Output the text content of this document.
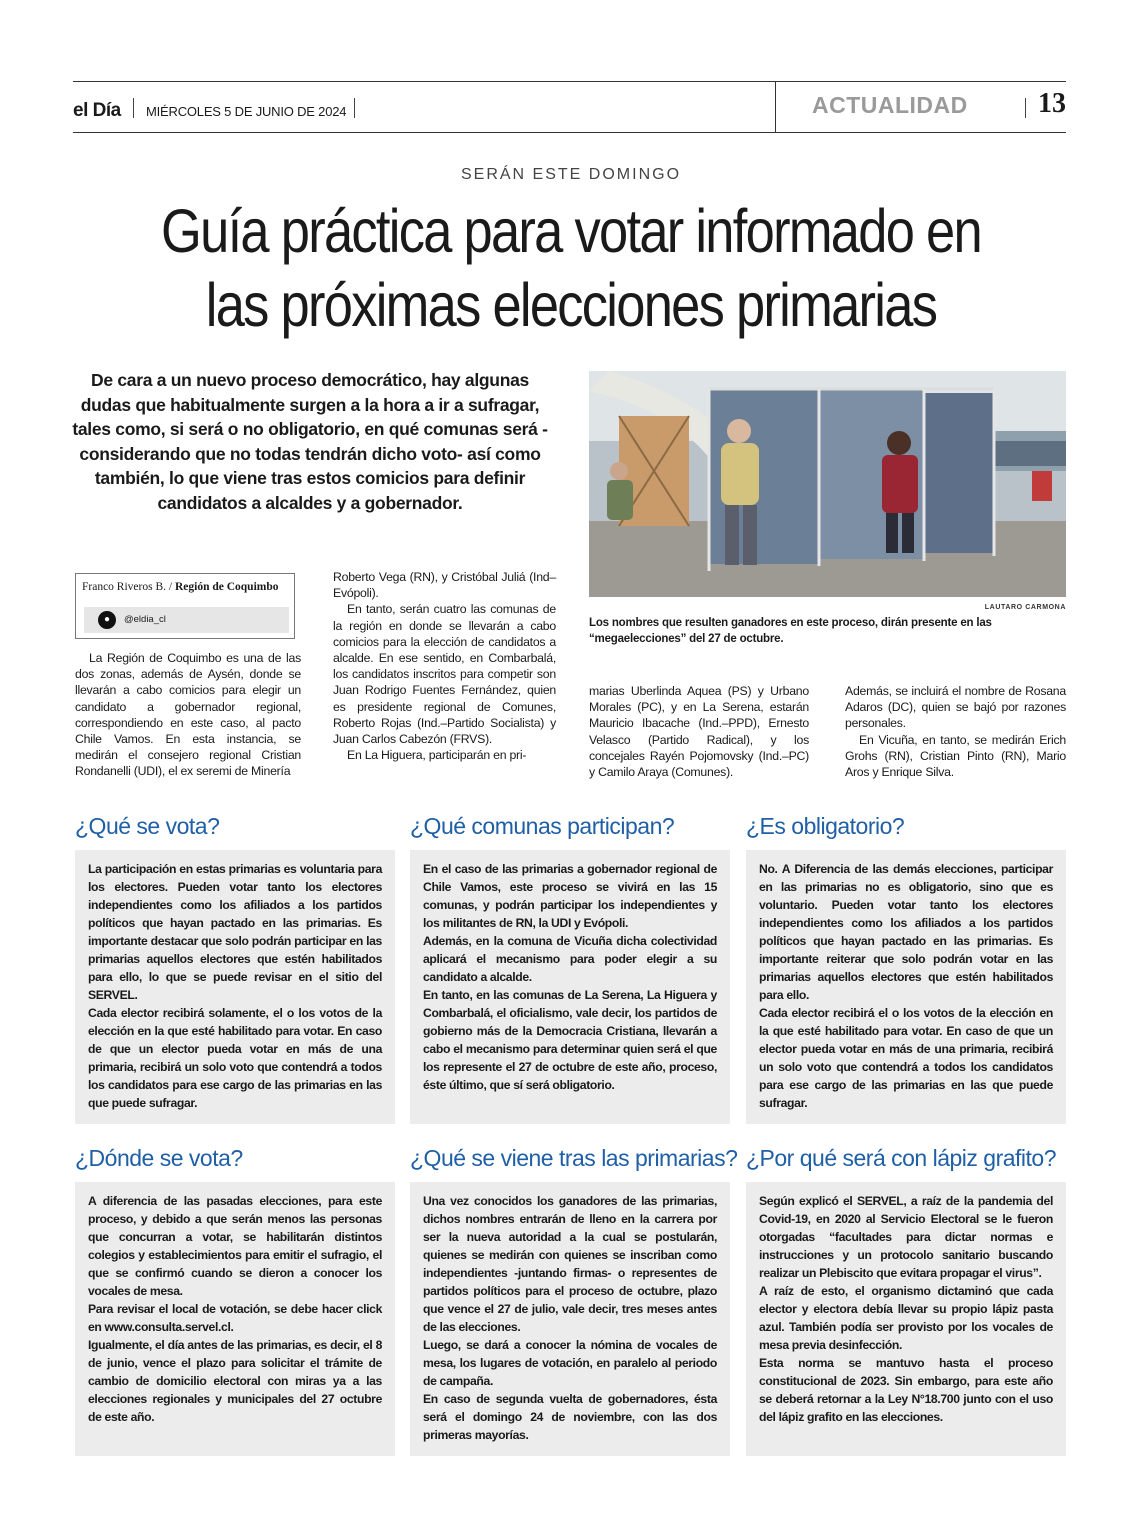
el Día MIÉRCOLES 5 DE JUNIO DE 2024	ACTUALIDAD	13
SERÁN ESTE DOMINGO
Guía práctica para votar informado en
las próximas elecciones primarias
De cara a un nuevo proceso democrático, hay algunas dudas que habitualmente surgen a la hora a ir a sufragar, tales como, si será o no obligatorio, en qué comunas será - considerando que no todas tendrán dicho voto- así como también, lo que viene tras estos comicios para definir candidatos a alcaldes y a gobernador.
LAUTARO CARMONA
Los nombres que resulten ganadores en este proceso, dirán presente en las “megaelecciones” del 27 de octubre.
Franco Riveros B. / Región de Coquimbo
●	@eldia_cl

La Región de Coquimbo es una de las dos zonas, además de Aysén, donde se llevarán a cabo comicios para elegir un candidato a gobernador regional, correspondiendo en este caso, al pacto Chile Vamos. En esta instancia, se medirán el consejero regional Cristian Rondanelli (UDI), el ex seremi de Minería

Roberto Vega (RN), y Cristóbal Juliá (Ind–Evópoli).

En tanto, serán cuatro las comunas de la región en donde se llevarán a cabo comicios para la elección de candidatos a alcalde. En ese sentido, en Combarbalá, los candidatos inscritos para competir son Juan Rodrigo Fuentes Fernández, quien es presidente regional de Comunes, Roberto Rojas (Ind.–Partido Socialista) y Juan Carlos Cabezón (FRVS).

En La Higuera, participarán en pri-

marias Uberlinda Aquea (PS) y Urbano Morales (PC), y en La Serena, estarán Mauricio Ibacache (Ind.–PPD), Ernesto Velasco (Partido Radical), y los concejales Rayén Pojomovsky (Ind.–PC) y Camilo Araya (Comunes).

Además, se incluirá el nombre de Rosana Adaros (DC), quien se bajó por razones personales.

En Vicuña, en tanto, se medirán Erich Grohs (RN), Cristian Pinto (RN), Mario Aros y Enrique Silva.

¿Qué se vota?

La participación en estas primarias es voluntaria para los electores. Pueden votar tanto los electores independientes como los afiliados a los partidos políticos que hayan pactado en las primarias. Es importante destacar que solo podrán participar en las primarias aquellos electores que estén habilitados para ello, lo que se puede revisar en el sitio del SERVEL.

Cada elector recibirá solamente, el o los votos de la elección en la que esté habilitado para votar. En caso de que un elector pueda votar en más de una primaria, recibirá un solo voto que contendrá a todos los candidatos para ese cargo de las primarias en las que puede sufragar.

¿Qué comunas participan?

En el caso de las primarias a gobernador regional de Chile Vamos, este proceso se vivirá en las 15 comunas, y podrán participar los independientes y los militantes de RN, la UDI y Evópoli.

Además, en la comuna de Vicuña dicha colectividad aplicará el mecanismo para poder elegir a su candidato a alcalde.

En tanto, en las comunas de La Serena, La Higuera y Combarbalá, el oficialismo, vale decir, los partidos de gobierno más de la Democracia Cristiana, llevarán a cabo el mecanismo para determinar quien será el que los represente el 27 de octubre de este año, proceso, éste último, que sí será obligatorio.

¿Es obligatorio?

No. A Diferencia de las demás elecciones, participar en las primarias no es obligatorio, sino que es voluntario. Pueden votar tanto los electores independientes como los afiliados a los partidos políticos que hayan pactado en las primarias. Es importante reiterar que solo podrán votar en las primarias aquellos electores que estén habilitados para ello.

Cada elector recibirá el o los votos de la elección en la que esté habilitado para votar. En caso de que un elector pueda votar en más de una primaria, recibirá un solo voto que contendrá a todos los candidatos para ese cargo de las primarias en las que puede sufragar.

¿Dónde se vota?

A diferencia de las pasadas elecciones, para este proceso, y debido a que serán menos las personas que concurran a votar, se habilitarán distintos colegios y establecimientos para emitir el sufragio, el que se confirmó cuando se dieron a conocer los vocales de mesa.

Para revisar el local de votación, se debe hacer click en www.consulta.servel.cl.

Igualmente, el día antes de las primarias, es decir, el 8 de junio, vence el plazo para solicitar el trámite de cambio de domicilio electoral con miras ya a las elecciones regionales y municipales del 27 octubre de este año.

¿Qué se viene tras las primarias?

Una vez conocidos los ganadores de las primarias, dichos nombres entrarán de lleno en la carrera por ser la nueva autoridad a la cual se postularán, quienes se medirán con quienes se inscriban como independientes -juntando firmas- o representes de partidos políticos para el proceso de octubre, plazo que vence el 27 de julio, vale decir, tres meses antes de las elecciones.

Luego, se dará a conocer la nómina de vocales de mesa, los lugares de votación, en paralelo al periodo de campaña.

En caso de segunda vuelta de gobernadores, ésta será el domingo 24 de noviembre, con las dos primeras mayorías.

¿Por qué será con lápiz grafito?

Según explicó el SERVEL, a raíz de la pandemia del Covid-19, en 2020 al Servicio Electoral se le fueron otorgadas “facultades para dictar normas e instrucciones y un protocolo sanitario buscando realizar un Plebiscito que evitara propagar el virus”.

A raíz de esto, el organismo dictaminó que cada elector y electora debía llevar su propio lápiz pasta azul. También podía ser provisto por los vocales de mesa previa desinfección.

Esta norma se mantuvo hasta el proceso constitucional de 2023. Sin embargo, para este año se deberá retornar a la Ley N°18.700 junto con el uso del lápiz grafito en las elecciones.
